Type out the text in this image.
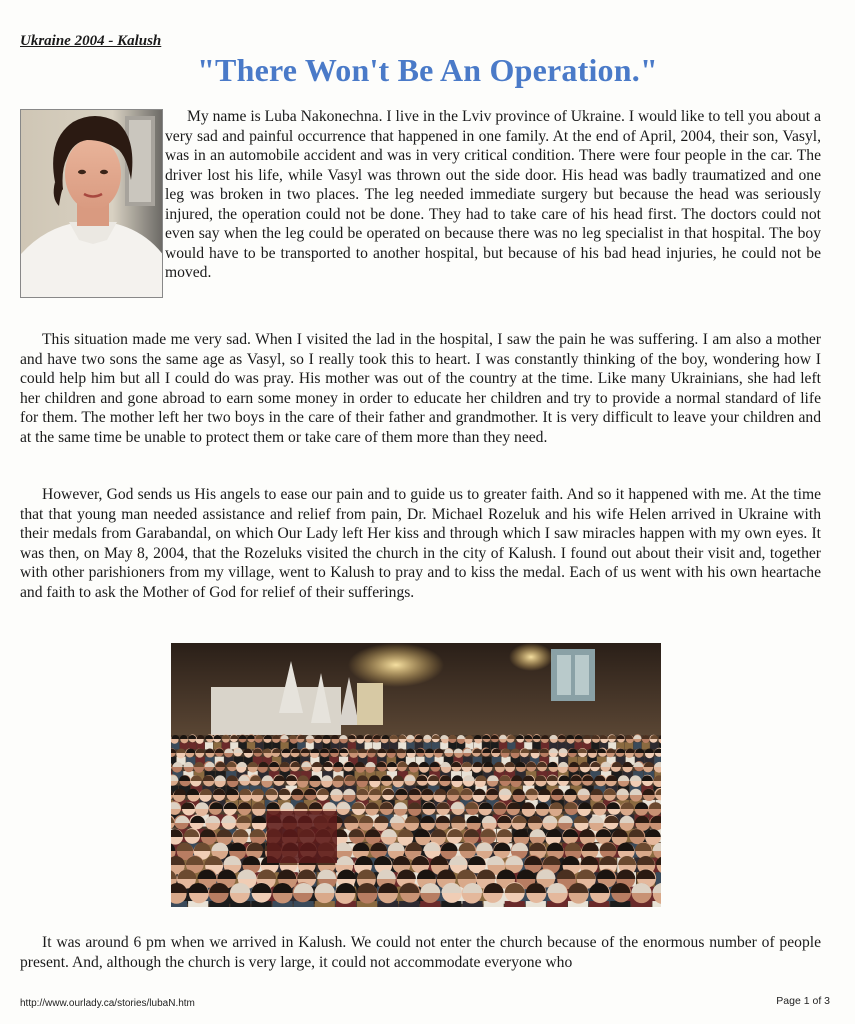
Ukraine 2004 - Kalush
"There Won't Be An Operation."

My name is Luba Nakonechna. I live in the Lviv province of Ukraine. I would like to tell you about a very sad and painful occurrence that happened in one family. At the end of April, 2004, their son, Vasyl, was in an automobile accident and was in very critical condition. There were four people in the car. The driver lost his life, while Vasyl was thrown out the side door. His head was badly traumatized and one leg was broken in two places. The leg needed immediate surgery but because the head was seriously injured, the operation could not be done. They had to take care of his head first. The doctors could not even say when the leg could be operated on because there was no leg specialist in that hospital. The boy would have to be transported to another hospital, but because of his bad head injuries, he could not be moved.

This situation made me very sad. When I visited the lad in the hospital, I saw the pain he was suffering. I am also a mother and have two sons the same age as Vasyl, so I really took this to heart. I was constantly thinking of the boy, wondering how I could help him but all I could do was pray. His mother was out of the country at the time. Like many Ukrainians, she had left her children and gone abroad to earn some money in order to educate her children and try to provide a normal standard of life for them. The mother left her two boys in the care of their father and grandmother. It is very difficult to leave your children and at the same time be unable to protect them or take care of them more than they need.

However, God sends us His angels to ease our pain and to guide us to greater faith. And so it happened with me. At the time that that young man needed assistance and relief from pain, Dr. Michael Rozeluk and his wife Helen arrived in Ukraine with their medals from Garabandal, on which Our Lady left Her kiss and through which I saw miracles happen with my own eyes. It was then, on May 8, 2004, that the Rozeluks visited the church in the city of Kalush. I found out about their visit and, together with other parishioners from my village, went to Kalush to pray and to kiss the medal. Each of us went with his own heartache and faith to ask the Mother of God for relief of their sufferings.

It was around 6 pm when we arrived in Kalush. We could not enter the church because of the enormous number of people present. And, although the church is very large, it could not accommodate everyone who

http://www.ourlady.ca/stories/lubaN.htm	Page 1 of 3
